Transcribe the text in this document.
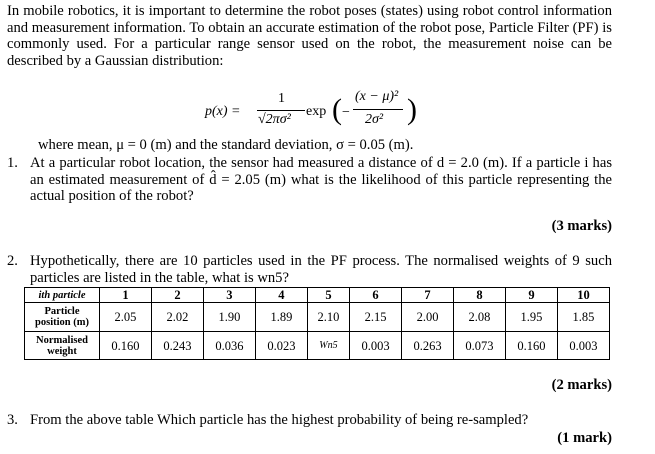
In mobile robotics, it is important to determine the robot poses (states) using robot control information and measurement information. To obtain an accurate estimation of the robot pose, Particle Filter (PF) is commonly used. For a particular range sensor used on the robot, the measurement noise can be described by a Gaussian distribution:
p(x) =
1
√2πσ²
exp ( −
(x − μ)²
2σ² )
where mean, μ = 0 (m) and the standard deviation, σ = 0.05 (m).
1. At a particular robot location, the sensor had measured a distance of d = 2.0 (m). If a particle i has an estimated measurement of d̂ = 2.05 (m) what is the likelihood of this particle representing the actual position of the robot?
(3 marks)
2. Hypothetically, there are 10 particles used in the PF process. The normalised weights of 9 such particles are listed in the table, what is wn5?
ith particle	1	2	3	4	5	6	7	8	9	10
Particle position (m)	2.05	2.02	1.90	1.89	2.10	2.15	2.00	2.08	1.95	1.85
Normalised weight	0.160	0.243	0.036	0.023	Wn5	0.003	0.263	0.073	0.160	0.003
(2 marks)
3. From the above table Which particle has the highest probability of being re-sampled?
(1 mark)
